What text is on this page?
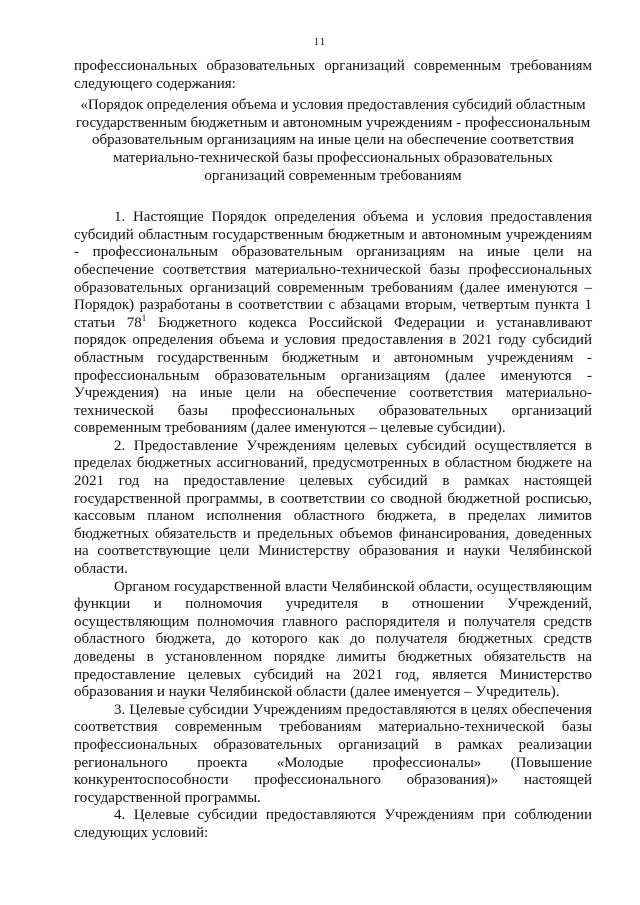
11

профессиональных образовательных организаций современным требованиям следующего содержания:

«Порядок определения объема и условия предоставления субсидий областным государственным бюджетным и автономным учреждениям - профессиональным образовательным организациям на иные цели на обеспечение соответствия материально-технической базы профессиональных образовательных организаций современным требованиям

1. Настоящие Порядок определения объема и условия предоставления субсидий областным государственным бюджетным и автономным учреждениям - профессиональным образовательным организациям на иные цели на обеспечение соответствия материально-технической базы профессиональных образовательных организаций современным требованиям (далее именуются – Порядок) разработаны в соответствии с абзацами вторым, четвертым пункта 1 статьи $78^1$ Бюджетного кодекса Российской Федерации и устанавливают порядок определения объема и условия предоставления в 2021 году субсидий областным государственным бюджетным и автономным учреждениям - профессиональным образовательным организациям (далее именуются - Учреждения) на иные цели на обеспечение соответствия материально-технической базы профессиональных образовательных организаций современным требованиям (далее именуются – целевые субсидии).

2. Предоставление Учреждениям целевых субсидий осуществляется в пределах бюджетных ассигнований, предусмотренных в областном бюджете на 2021 год на предоставление целевых субсидий в рамках настоящей государственной программы, в соответствии со сводной бюджетной росписью, кассовым планом исполнения областного бюджета, в пределах лимитов бюджетных обязательств и предельных объемов финансирования, доведенных на соответствующие цели Министерству образования и науки Челябинской области.

Органом государственной власти Челябинской области, осуществляющим функции и полномочия учредителя в отношении Учреждений, осуществляющим полномочия главного распорядителя и получателя средств областного бюджета, до которого как до получателя бюджетных средств доведены в установленном порядке лимиты бюджетных обязательств на предоставление целевых субсидий на 2021 год, является Министерство образования и науки Челябинской области (далее именуется – Учредитель).

3. Целевые субсидии Учреждениям предоставляются в целях обеспечения соответствия современным требованиям материально-технической базы профессиональных образовательных организаций в рамках реализации регионального проекта «Молодые профессионалы» (Повышение конкурентоспособности профессионального образования)» настоящей государственной программы.

4. Целевые субсидии предоставляются Учреждениям при соблюдении следующих условий:
